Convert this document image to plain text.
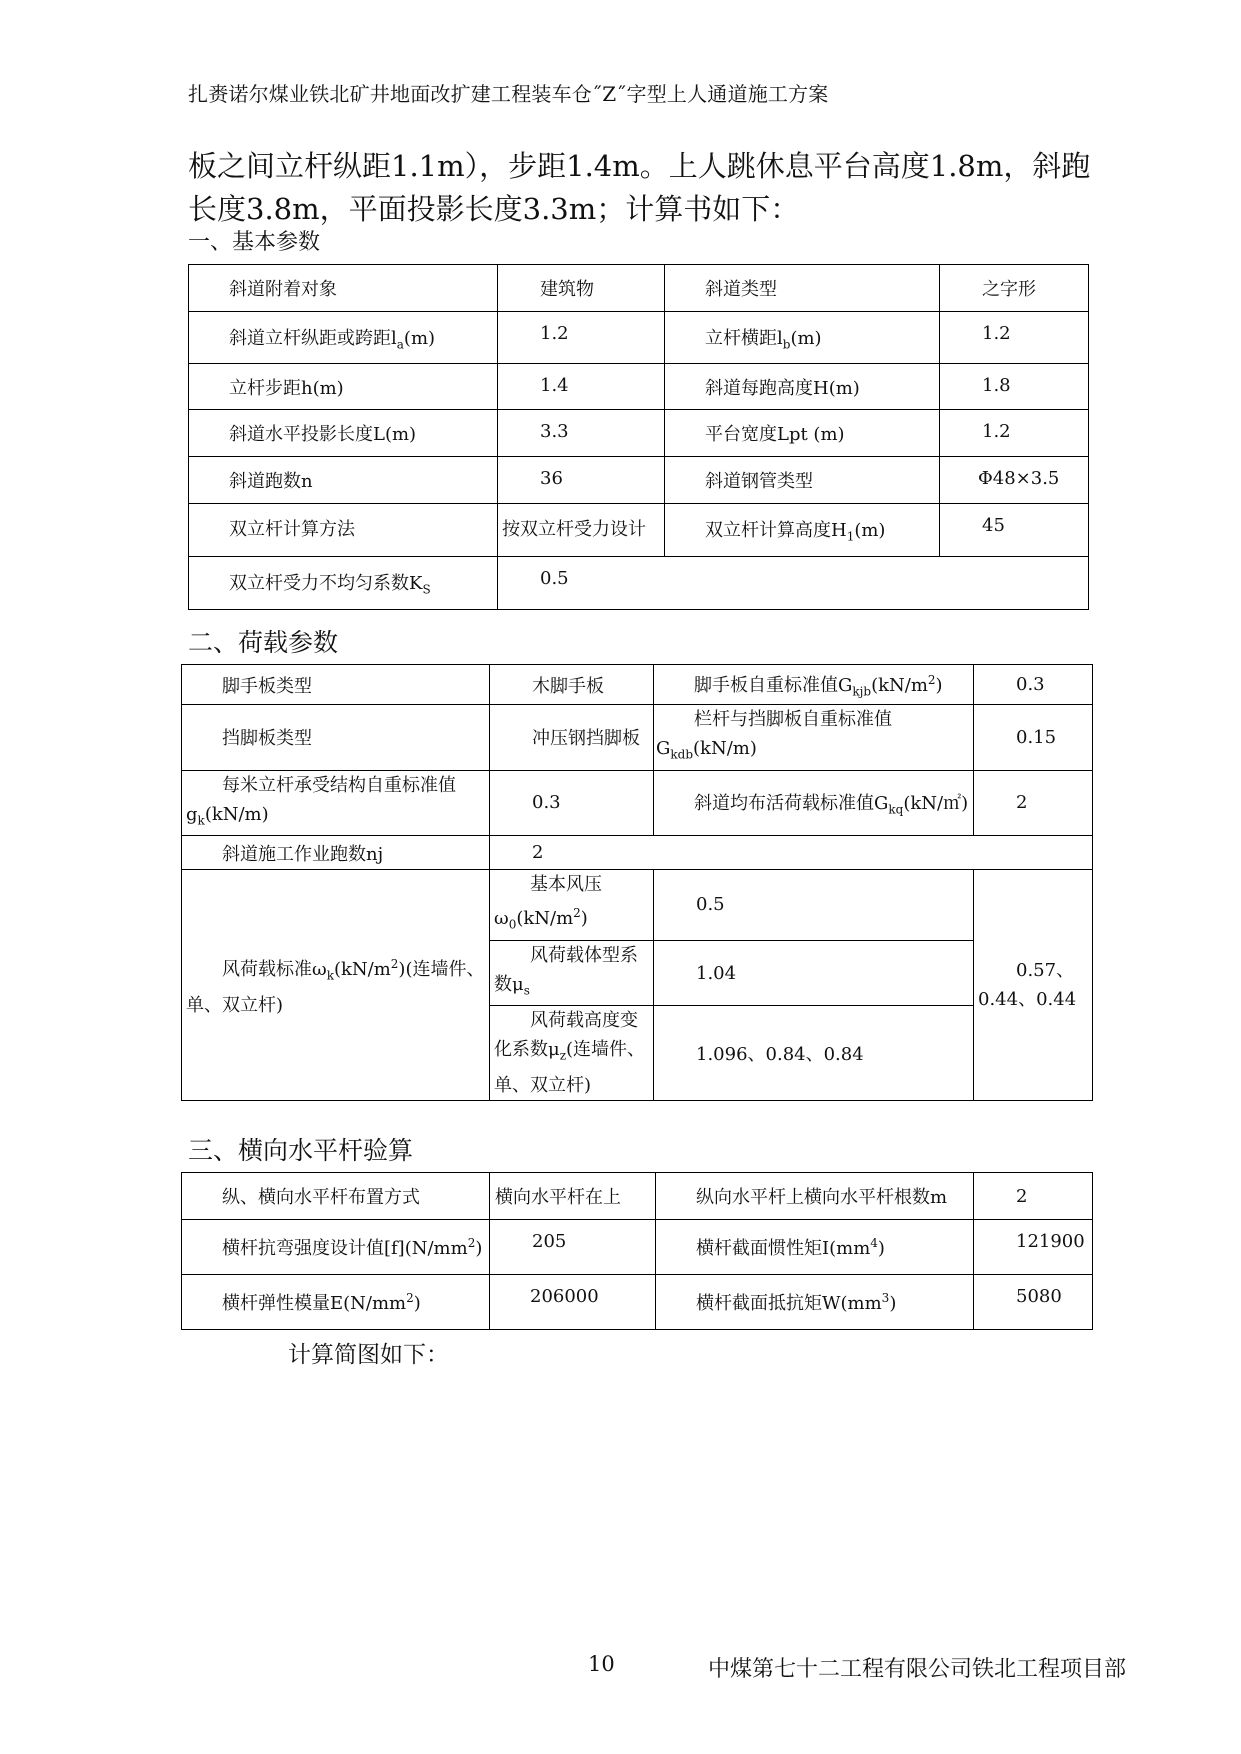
扎赉诺尔煤业铁北矿井地面改扩建工程装车仓˝Z˝字型上人通道施工方案
板之间立杆纵距1.1m），步距1.4m。上人跳休息平台高度1.8m，斜跑长度3.8m，平面投影长度3.3m；计算书如下：
一、基本参数
斜道附着对象	建筑物	斜道类型	之字形

斜道立杆纵距或跨距$l_a(m)$	1.2	立杆横距$l_b(m)$	1.2

立杆步距h(m)	1.4	斜道每跑高度H(m)	1.8

斜道水平投影长度L(m)	3.3	平台宽度Lpt (m)	1.2

斜道跑数n	36	斜道钢管类型	Φ48×3.5

双立杆计算方法	按双立杆受力设计	双立杆计算高度$H_1(m)$	45

双立杆受力不均匀系数$K_S$	0.5		
二、荷载参数
脚手板类型	木脚手板	脚手板自重标准值$G_{kjb}(kN/m^2)$	0.3

挡脚板类型	冲压钢挡脚板	栏杆与挡脚板自重标准值
$G_{kdb}(kN/m)$	0.15

每米立杆承受结构自重标准值
$g_k(kN/m)$	0.3	斜道均布活荷载标准值$G_{kq}(kN/㎡)$	2

斜道施工作业跑数nj	2		

风荷载标准$\omega_k(kN/m^2)$(连墙件、
单、双立杆)	基本风压
$\omega_0(kN/m^2)$	0.5	0.57、
0.44、0.44

	风荷载体型系
数$\mu_s$	1.04	

	风荷载高度变
化系数$\mu_z$(连墙件、
单、双立杆)	1.096、0.84、0.84	
三、横向水平杆验算
纵、横向水平杆布置方式	横向水平杆在上	纵向水平杆上横向水平杆根数m	2

横杆抗弯强度设计值$[f](N/mm^2)$	205	横杆截面惯性矩$I(mm^4)$	121900

横杆弹性模量$E(N/mm^2)$	206000	横杆截面抵抗矩$W(mm^3)$	5080
计算简图如下：
10	中煤第七十二工程有限公司铁北工程项目部
